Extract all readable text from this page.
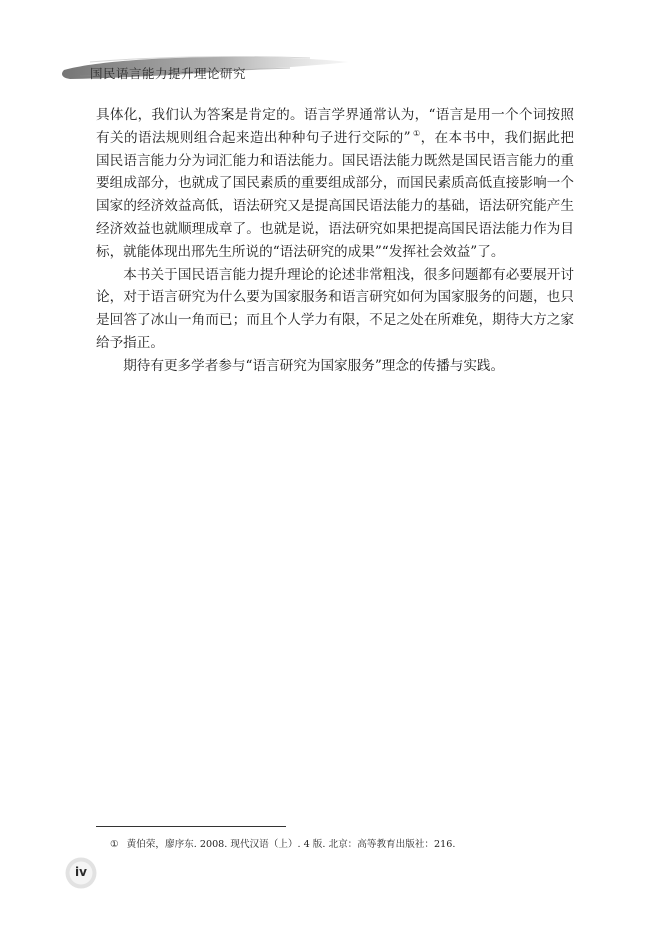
国民语言能力提升理论研究

具体化，我们认为答案是肯定的。语言学界通常认为，“语言是用一个个词按照有关的语法规则组合起来造出种种句子进行交际的” ①，在本书中，我们据此把国民语言能力分为词汇能力和语法能力。国民语法能力既然是国民语言能力的重要组成部分，也就成了国民素质的重要组成部分，而国民素质高低直接影响一个国家的经济效益高低，语法研究又是提高国民语法能力的基础，语法研究能产生经济效益也就顺理成章了。也就是说，语法研究如果把提高国民语法能力作为目标，就能体现出邢先生所说的“语法研究的成果”“发挥社会效益”了。

本书关于国民语言能力提升理论的论述非常粗浅，很多问题都有必要展开讨论，对于语言研究为什么要为国家服务和语言研究如何为国家服务的问题，也只是回答了冰山一角而已；而且个人学力有限，不足之处在所难免，期待大方之家给予指正。

期待有更多学者参与“语言研究为国家服务”理念的传播与实践。

① 黄伯荣，廖序东. 2008. 现代汉语（上）. 4 版. 北京：高等教育出版社：216.
iv
